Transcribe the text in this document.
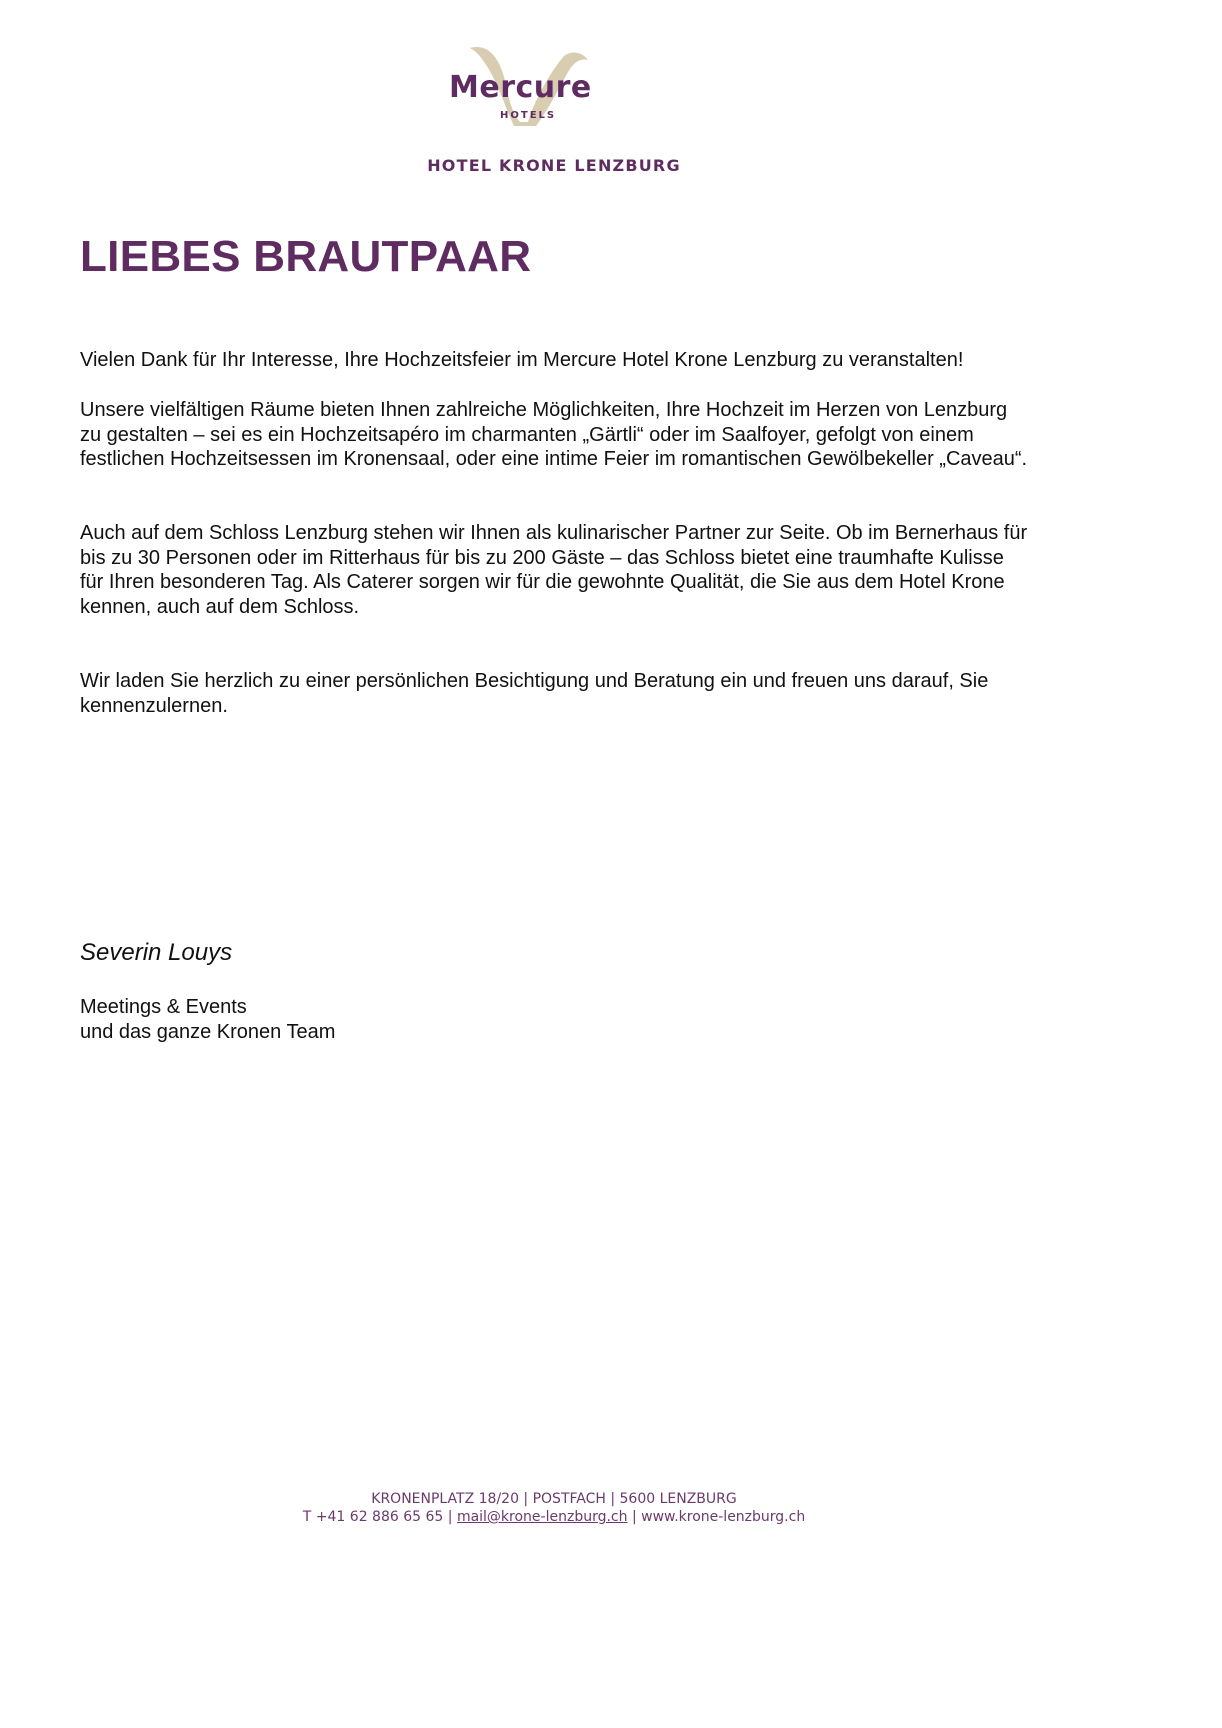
Mercure
HOTELS
HOTEL KRONE LENZBURG
LIEBES BRAUTPAAR

Vielen Dank für Ihr Interesse, Ihre Hochzeitsfeier im Mercure Hotel Krone Lenzburg zu veranstalten!

Unsere vielfältigen Räume bieten Ihnen zahlreiche Möglichkeiten, Ihre Hochzeit im Herzen von Lenzburg zu gestalten – sei es ein Hochzeitsapéro im charmanten „Gärtli“ oder im Saalfoyer, gefolgt von einem festlichen Hochzeitsessen im Kronensaal, oder eine intime Feier im romantischen Gewölbekeller „Caveau“.

Auch auf dem Schloss Lenzburg stehen wir Ihnen als kulinarischer Partner zur Seite. Ob im Bernerhaus für bis zu 30 Personen oder im Ritterhaus für bis zu 200 Gäste – das Schloss bietet eine traumhafte Kulisse für Ihren besonderen Tag. Als Caterer sorgen wir für die gewohnte Qualität, die Sie aus dem Hotel Krone kennen, auch auf dem Schloss.

Wir laden Sie herzlich zu einer persönlichen Besichtigung und Beratung ein und freuen uns darauf, Sie kennenzulernen.

Severin Louys
Meetings & Events
und das ganze Kronen Team
KRONENPLATZ 18/20 | POSTFACH | 5600 LENZBURG
T +41 62 886 65 65 | mail@krone-lenzburg.ch | www.krone-lenzburg.ch
